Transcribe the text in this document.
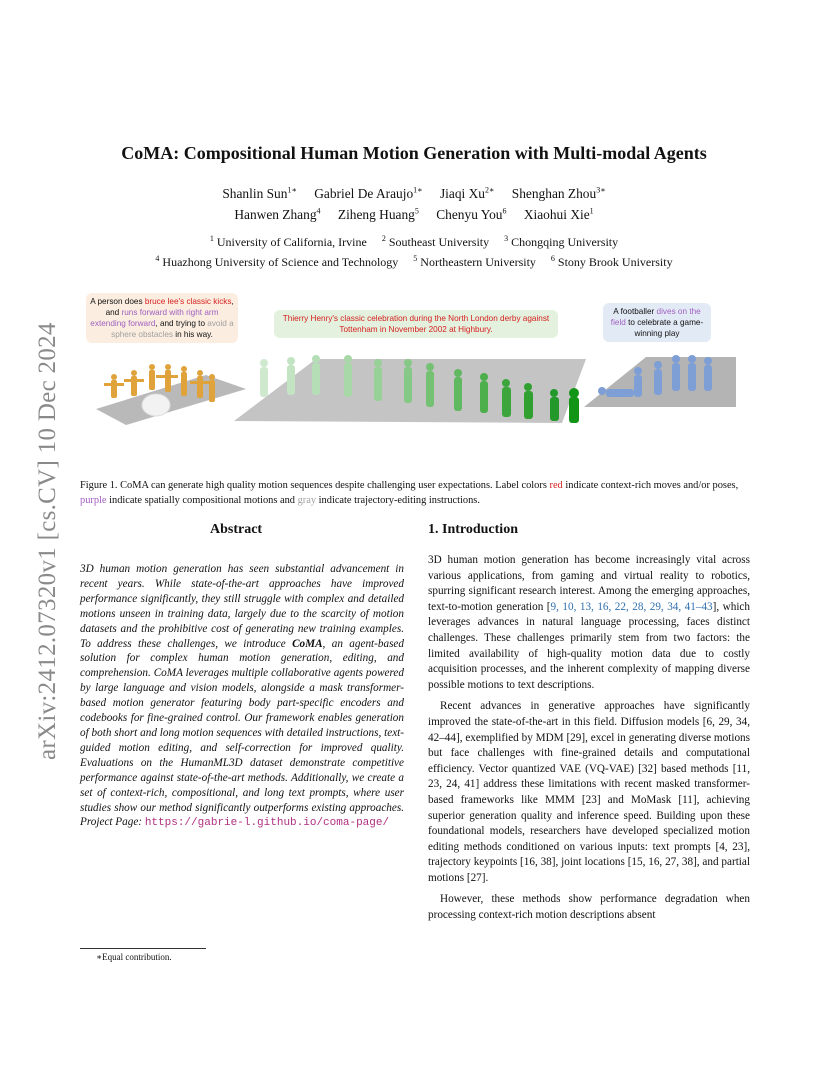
arXiv:2412.07320v1 [cs.CV] 10 Dec 2024
CoMA: Compositional Human Motion Generation with Multi-modal Agents
Shanlin Sun$^{1∗}$ Gabriel De Araujo$^{1∗}$ Jiaqi $Xu^{2∗}$ Shenghan Zhou$^{3∗}$
Hanwen Zhang$^4$ Ziheng Huang$^5$ Chenyu You$^6$ Xiaohui Xie$^1$
$^1$ University of California, Irvine $^2$ Southeast University $^3$ Chongqing University
$^4$ Huazhong University of Science and Technology $^5$ Northeastern University $^6$ Stony Brook University
A person does bruce lee's classic kicks, and runs forward with right arm extending forward, and trying to avoid a sphere obstacles in his way.
Thierry Henry's classic celebration during the North London derby against Tottenham in November 2002 at Highbury.
A footballer dives on the field to celebrate a game-winning play
Figure 1. CoMA can generate high quality motion sequences despite challenging user expectations. Label colors red indicate context-rich moves and/or poses, purple indicate spatially compositional motions and gray indicate trajectory-editing instructions.
Abstract
3D human motion generation has seen substantial advancement in recent years. While state-of-the-art approaches have improved performance significantly, they still struggle with complex and detailed motions unseen in training data, largely due to the scarcity of motion datasets and the prohibitive cost of generating new training examples. To address these challenges, we introduce CoMA, an agent-based solution for complex human motion generation, editing, and comprehension. CoMA leverages multiple collaborative agents powered by large language and vision models, alongside a mask transformer-based motion generator featuring body part-specific encoders and codebooks for fine-grained control. Our framework enables generation of both short and long motion sequences with detailed instructions, text-guided motion editing, and self-correction for improved quality. Evaluations on the HumanML3D dataset demonstrate competitive performance against state-of-the-art methods. Additionally, we create a set of context-rich, compositional, and long text prompts, where user studies show our method significantly outperforms existing approaches. Project Page: https://gabrie-l.github.io/coma-page/
1. Introduction

3D human motion generation has become increasingly vital across various applications, from gaming and virtual reality to robotics, spurring significant research interest. Among the emerging approaches, text-to-motion generation [9, 10, 13, 16, 22, 28, 29, 34, 41–43], which leverages advances in natural language processing, faces distinct challenges. These challenges primarily stem from two factors: the limited availability of high-quality motion data due to costly acquisition processes, and the inherent complexity of mapping diverse possible motions to text descriptions.

Recent advances in generative approaches have significantly improved the state-of-the-art in this field. Diffusion models [6, 29, 34, 42–44], exemplified by MDM [29], excel in generating diverse motions but face challenges with fine-grained details and computational efficiency. Vector quantized VAE (VQ-VAE) [32] based methods [11, 23, 24, 41] address these limitations with recent masked transformer-based frameworks like MMM [23] and MoMask [11], achieving superior generation quality and inference speed. Building upon these foundational models, researchers have developed specialized motion editing methods conditioned on various inputs: text prompts [4, 23], trajectory keypoints [16, 38], joint locations [15, 16, 27, 38], and partial motions [27].

However, these methods show performance degradation when processing context-rich motion descriptions absent

∗Equal contribution.
